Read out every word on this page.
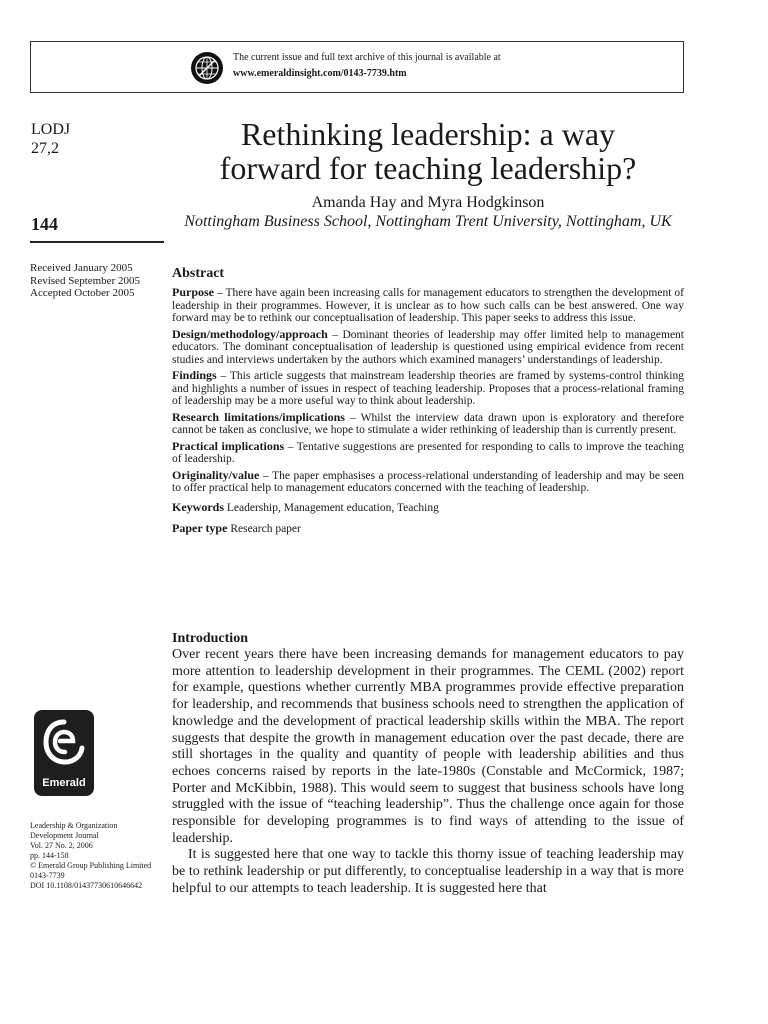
The current issue and full text archive of this journal is available at
www.emeraldinsight.com/0143-7739.htm
LODJ
27,2
144
Received January 2005
Revised September 2005
Accepted October 2005
Rethinking leadership: a way
forward for teaching leadership?
Amanda Hay and Myra Hodgkinson
Nottingham Business School, Nottingham Trent University, Nottingham, UK
Abstract

Purpose – There have again been increasing calls for management educators to strengthen the development of leadership in their programmes. However, it is unclear as to how such calls can be best answered. One way forward may be to rethink our conceptualisation of leadership. This paper seeks to address this issue.

Design/methodology/approach – Dominant theories of leadership may offer limited help to management educators. The dominant conceptualisation of leadership is questioned using empirical evidence from recent studies and interviews undertaken by the authors which examined managers’ understandings of leadership.

Findings – This article suggests that mainstream leadership theories are framed by systems-control thinking and highlights a number of issues in respect of teaching leadership. Proposes that a process-relational framing of leadership may be a more useful way to think about leadership.

Research limitations/implications – Whilst the interview data drawn upon is exploratory and therefore cannot be taken as conclusive, we hope to stimulate a wider rethinking of leadership than is currently present.

Practical implications – Tentative suggestions are presented for responding to calls to improve the teaching of leadership.

Originality/value – The paper emphasises a process-relational understanding of leadership and may be seen to offer practical help to management educators concerned with the teaching of leadership.

Keywords Leadership, Management education, Teaching
Paper type Research paper
Introduction

Over recent years there have been increasing demands for management educators to pay more attention to leadership development in their programmes. The CEML (2002) report for example, questions whether currently MBA programmes provide effective preparation for leadership, and recommends that business schools need to strengthen the application of knowledge and the development of practical leadership skills within the MBA. The report suggests that despite the growth in management education over the past decade, there are still shortages in the quality and quantity of people with leadership abilities and thus echoes concerns raised by reports in the late-1980s (Constable and McCormick, 1987; Porter and McKibbin, 1988). This would seem to suggest that business schools have long struggled with the issue of “teaching leadership”. Thus the challenge once again for those responsible for developing programmes is to find ways of attending to the issue of leadership.

It is suggested here that one way to tackle this thorny issue of teaching leadership may be to rethink leadership or put differently, to conceptualise leadership in a way that is more helpful to our attempts to teach leadership. It is suggested here that

Emerald
Leadership & Organization
Development Journal
Vol. 27 No. 2, 2006
pp. 144-158
© Emerald Group Publishing Limited
0143-7739
DOI 10.1108/01437730610646642
